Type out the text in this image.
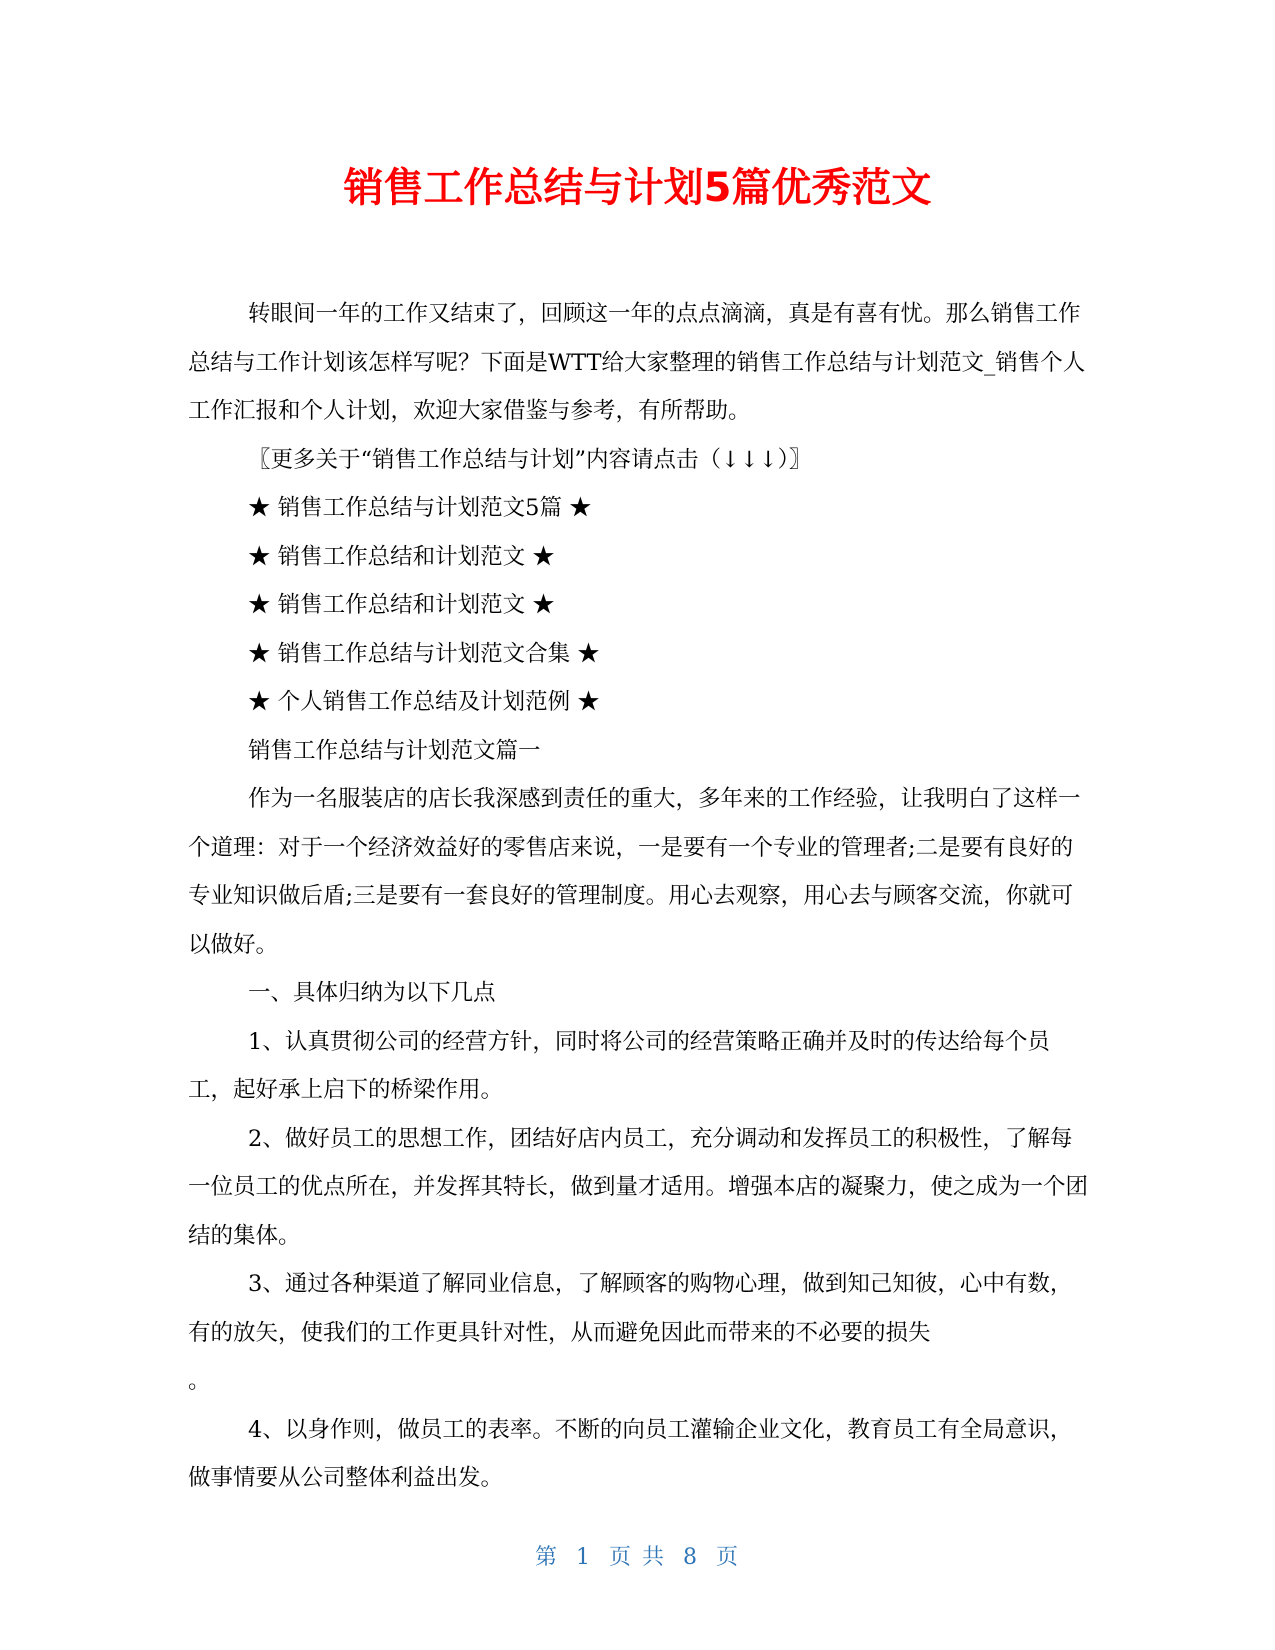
销售工作总结与计划5篇优秀范文

转眼间一年的工作又结束了，回顾这一年的点点滴滴，真是有喜有忧。那么销售工作总结与工作计划该怎样写呢？下面是WTT给大家整理的销售工作总结与计划范文_销售个人工作汇报和个人计划，欢迎大家借鉴与参考，有所帮助。

〖更多关于“销售工作总结与计划”内容请点击（↓↓↓）〗

★ 销售工作总结与计划范文5篇 ★

★ 销售工作总结和计划范文 ★

★ 销售工作总结和计划范文 ★

★ 销售工作总结与计划范文合集 ★

★ 个人销售工作总结及计划范例 ★

销售工作总结与计划范文篇一

作为一名服装店的店长我深感到责任的重大，多年来的工作经验，让我明白了这样一个道理：对于一个经济效益好的零售店来说，一是要有一个专业的管理者;二是要有良好的专业知识做后盾;三是要有一套良好的管理制度。用心去观察，用心去与顾客交流，你就可以做好。

一、具体归纳为以下几点

1、认真贯彻公司的经营方针，同时将公司的经营策略正确并及时的传达给每个员工，起好承上启下的桥梁作用。

2、做好员工的思想工作，团结好店内员工，充分调动和发挥员工的积极性，了解每一位员工的优点所在，并发挥其特长，做到量才适用。增强本店的凝聚力，使之成为一个团结的集体。

3、通过各种渠道了解同业信息，了解顾客的购物心理，做到知己知彼，心中有数，有的放矢，使我们的工作更具针对性，从而避免因此而带来的不必要的损失

。

4、以身作则，做员工的表率。不断的向员工灌输企业文化，教育员工有全局意识，做事情要从公司整体利益出发。

第 1 页 共 8 页
